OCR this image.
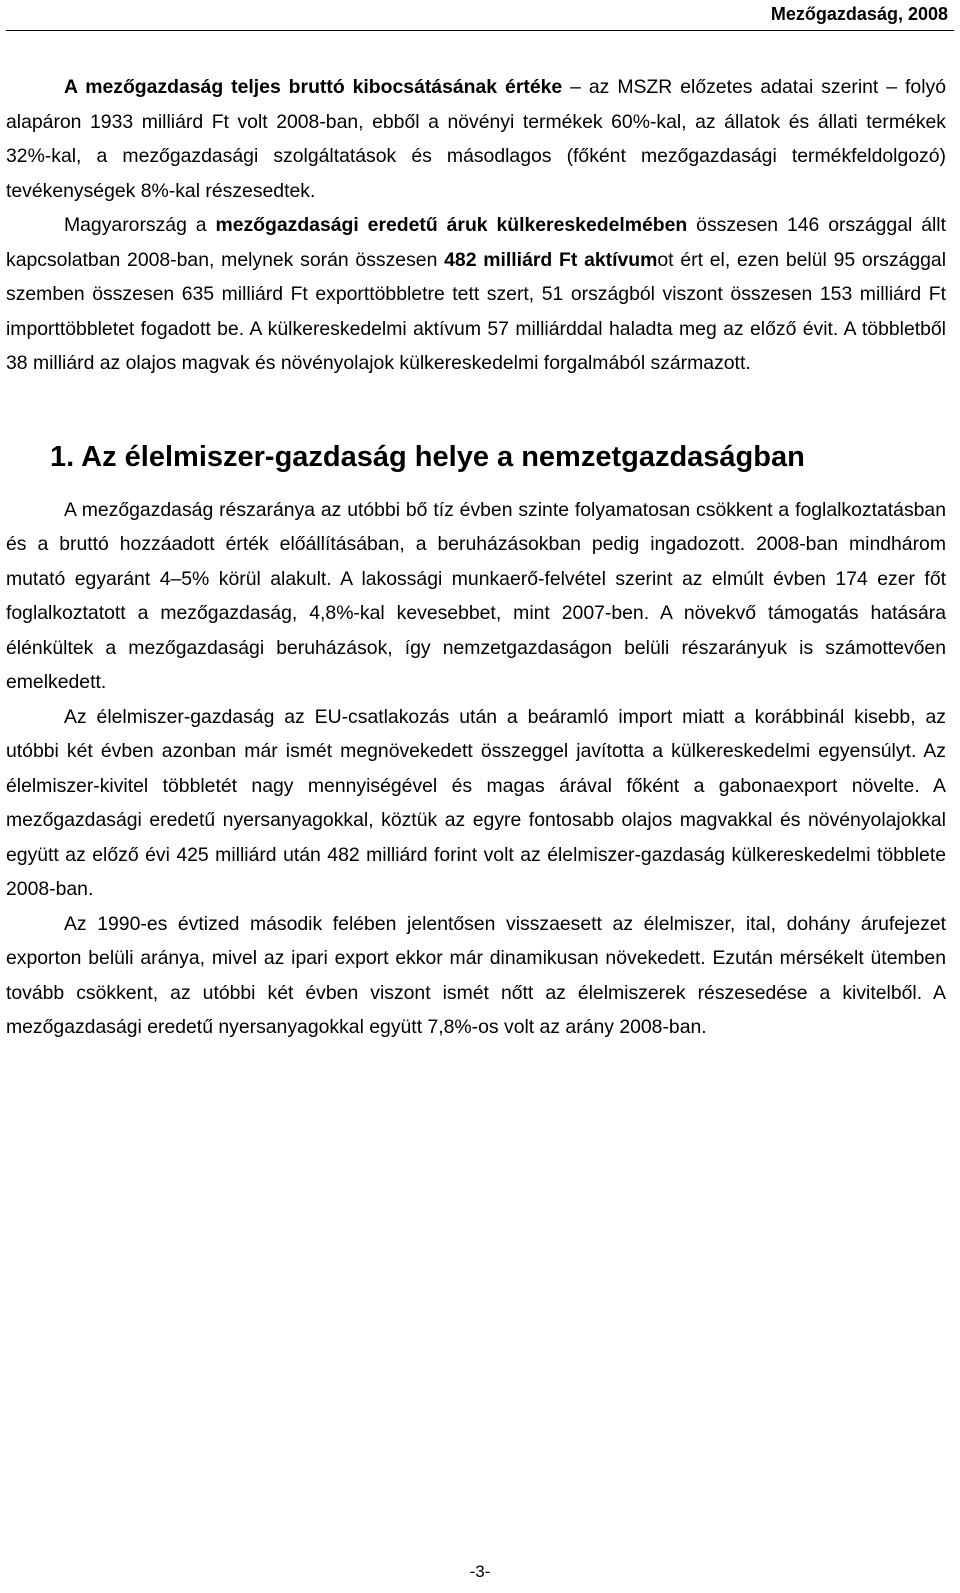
Mezőgazdaság, 2008

A mezőgazdaság teljes bruttó kibocsátásának értéke – az MSZR előzetes adatai szerint – folyó alapáron 1933 milliárd Ft volt 2008-ban, ebből a növényi termékek 60%-kal, az állatok és állati termékek 32%-kal, a mezőgazdasági szolgáltatások és másodlagos (főként mezőgazdasági termékfeldolgozó) tevékenységek 8%-kal részesedtek.

Magyarország a mezőgazdasági eredetű áruk külkereskedelmében összesen 146 országgal állt kapcsolatban 2008-ban, melynek során összesen 482 milliárd Ft aktívumot ért el, ezen belül 95 országgal szemben összesen 635 milliárd Ft exporttöbbletre tett szert, 51 országból viszont összesen 153 milliárd Ft importtöbbletet fogadott be. A külkereskedelmi aktívum 57 milliárddal haladta meg az előző évit. A többletből 38 milliárd az olajos magvak és növényolajok külkereskedelmi forgalmából származott.

1. Az élelmiszer-gazdaság helye a nemzetgazdaságban

A mezőgazdaság részaránya az utóbbi bő tíz évben szinte folyamatosan csökkent a foglalkoztatásban és a bruttó hozzáadott érték előállításában, a beruházásokban pedig ingadozott. 2008-ban mindhárom mutató egyaránt 4–5% körül alakult. A lakossági munkaerő-felvétel szerint az elmúlt évben 174 ezer főt foglalkoztatott a mezőgazdaság, 4,8%-kal kevesebbet, mint 2007-ben. A növekvő támogatás hatására élénkültek a mezőgazdasági beruházások, így nemzetgazdaságon belüli részarányuk is számottevően emelkedett.

Az élelmiszer-gazdaság az EU-csatlakozás után a beáramló import miatt a korábbinál kisebb, az utóbbi két évben azonban már ismét megnövekedett összeggel javította a külkereskedelmi egyensúlyt. Az élelmiszer-kivitel többletét nagy mennyiségével és magas árával főként a gabonaexport növelte. A mezőgazdasági eredetű nyersanyagokkal, köztük az egyre fontosabb olajos magvakkal és növényolajokkal együtt az előző évi 425 milliárd után 482 milliárd forint volt az élelmiszer-gazdaság külkereskedelmi többlete 2008-ban.

Az 1990-es évtized második felében jelentősen visszaesett az élelmiszer, ital, dohány árufejezet exporton belüli aránya, mivel az ipari export ekkor már dinamikusan növekedett. Ezután mérsékelt ütemben tovább csökkent, az utóbbi két évben viszont ismét nőtt az élelmiszerek részesedése a kivitelből. A mezőgazdasági eredetű nyersanyagokkal együtt 7,8%-os volt az arány 2008-ban.

-3-
